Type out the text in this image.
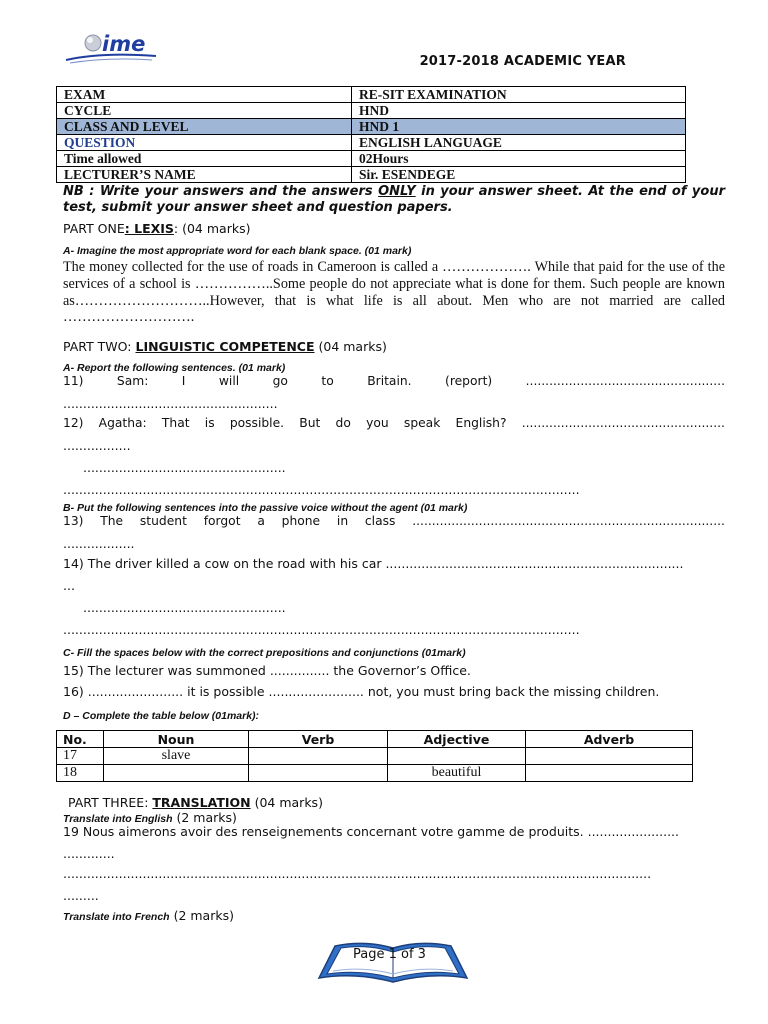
ime
2017-2018 ACADEMIC YEAR
EXAM	RE-SIT EXAMINATION
CYCLE	HND
CLASS AND LEVEL	HND 1
QUESTION	ENGLISH LANGUAGE
Time allowed	02Hours
LECTURER’S NAME	Sir. ESENDEGE
NB : Write your answers and the answers ONLY in your answer sheet. At the end of your test, submit your answer sheet and question papers.
PART ONE: LEXIS: (04 marks)
A- Imagine the most appropriate word for each blank space. (01 mark)
The money collected for the use of roads in Cameroon is called a ………………. While that paid for the use of the services of a school is ……………..Some people do not appreciate what is done for them. Such people are known as………………………..However, that is what life is all about. Men who are not married are called ……………………….
PART TWO: LINGUISTIC COMPETENCE (04 marks)
A- Report the following sentences. (01 mark)
11)	Sam:	I	will	go	to	Britain.	(report)	...................................................
......................................................
12) Agatha: That is possible. But do you speak English? ....................................................
.................
...................................................
..................................................................................................................................
B- Put the following sentences into the passive voice without the agent (01 mark)
13) The student forgot a phone in class ................................................................................
..................
14) The driver killed a cow on the road with his car ...........................................................................
...
...................................................
..................................................................................................................................
C- Fill the spaces below with the correct prepositions and conjunctions (01mark)
15) The lecturer was summoned ............... the Governor’s Office.
16) ........................ it is possible ........................ not, you must bring back the missing children.
D – Complete the table below (01mark):
No.	Noun	Verb	Adjective	Adverb
17	slave			
18			beautiful	
PART THREE: TRANSLATION (04 marks)
Translate into English (2 marks)
19 Nous aimerons avoir des renseignements concernant votre gamme de produits. .......................
.............
....................................................................................................................................................
.........
Translate into French (2 marks)
Page 1 of 3
